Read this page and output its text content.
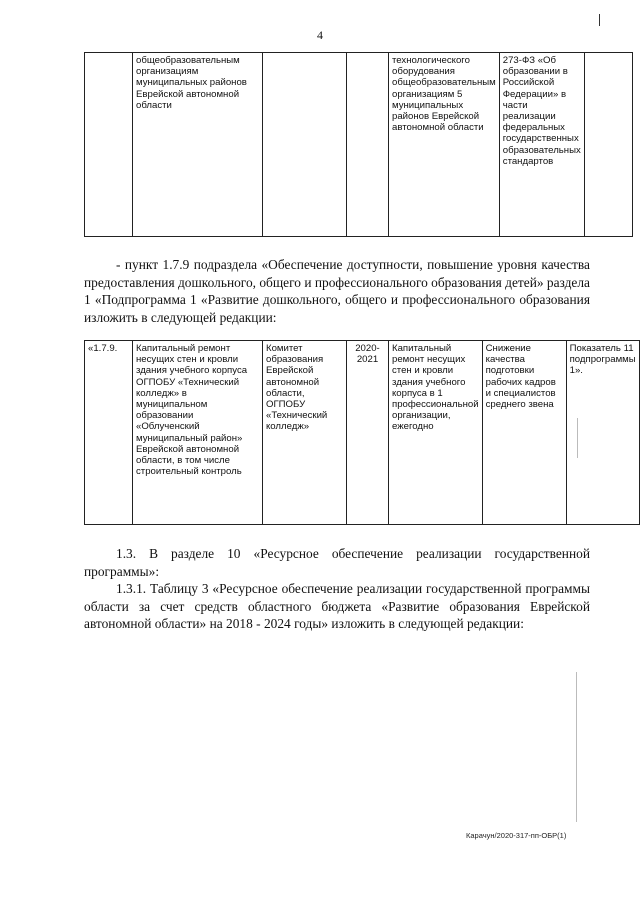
4
	общеобразовательным организациям муниципальных районов Еврейской автономной области			технологического оборудования общеобразовательным организациям 5 муниципальных районов Еврейской автономной области	273-ФЗ «Об образовании в Российской Федерации» в части реализации федеральных государственных образовательных стандартов	
- пункт 1.7.9 подраздела «Обеспечение доступности, повышение уровня качества предоставления дошкольного, общего и профессионального образования детей» раздела 1 «Подпрограмма 1 «Развитие дошкольного, общего и профессионального образования изложить в следующей редакции:
«1.7.9.	Капитальный ремонт несущих стен и кровли здания учебного корпуса ОГПОБУ «Технический колледж» в муниципальном образовании «Облученский муниципальный район» Еврейской автономной области, в том числе строительный контроль	Комитет образования Еврейской автономной области, ОГПОБУ «Технический колледж»	2020-2021	Капитальный ремонт несущих стен и кровли здания учебного корпуса в 1 профессиональной организации, ежегодно	Снижение качества подготовки рабочих кадров и специалистов среднего звена	Показатель 11 подпрограммы 1».
1.3. В разделе 10 «Ресурсное обеспечение реализации государственной программы»:
1.3.1. Таблицу 3 «Ресурсное обеспечение реализации государственной программы области за счет средств областного бюджета «Развитие образования Еврейской автономной области» на 2018 - 2024 годы» изложить в следующей редакции:
Карачун/2020-317-пп-ОБР(1)
